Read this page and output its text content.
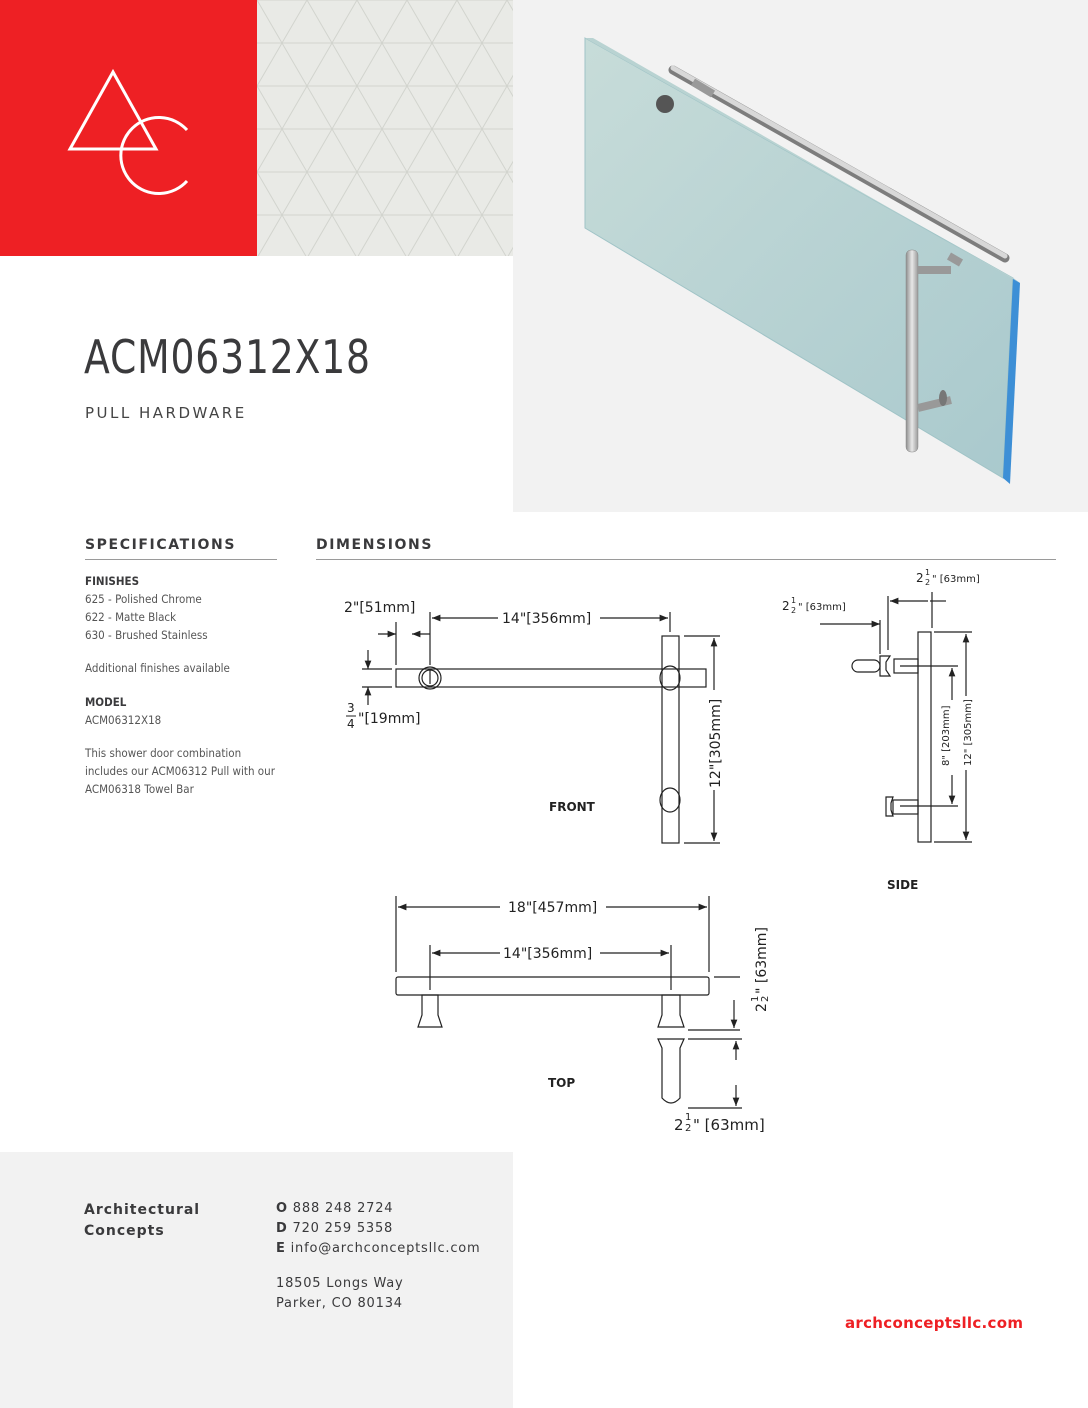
ACM06312X18
PULL HARDWARE
SPECIFICATIONS	DIMENSIONS
FINISHES
625 - Polished Chrome
622 - Matte Black
630 - Brushed Stainless
Additional finishes available
MODEL
ACM06312X18
This shower door combination
includes our ACM06312 Pull with our
ACM06318 Towel Bar
2"[51mm]
14"[356mm]
3
4 "[19mm]	12"[305mm]
FRONT
2 1
2 " [63mm]
2 1
2 " [63mm]
8" [203mm] 12" [305mm]
SIDE
18"[457mm]
14"[356mm]
2
1 2
" [63mm]
TOP
2 1
2 " [63mm]
Architectural
Concepts
O 888 248 2724
D 720 259 5358
E info@archconceptsllc.com
18505 Longs Way
Parker, CO 80134
archconceptsllc.com
